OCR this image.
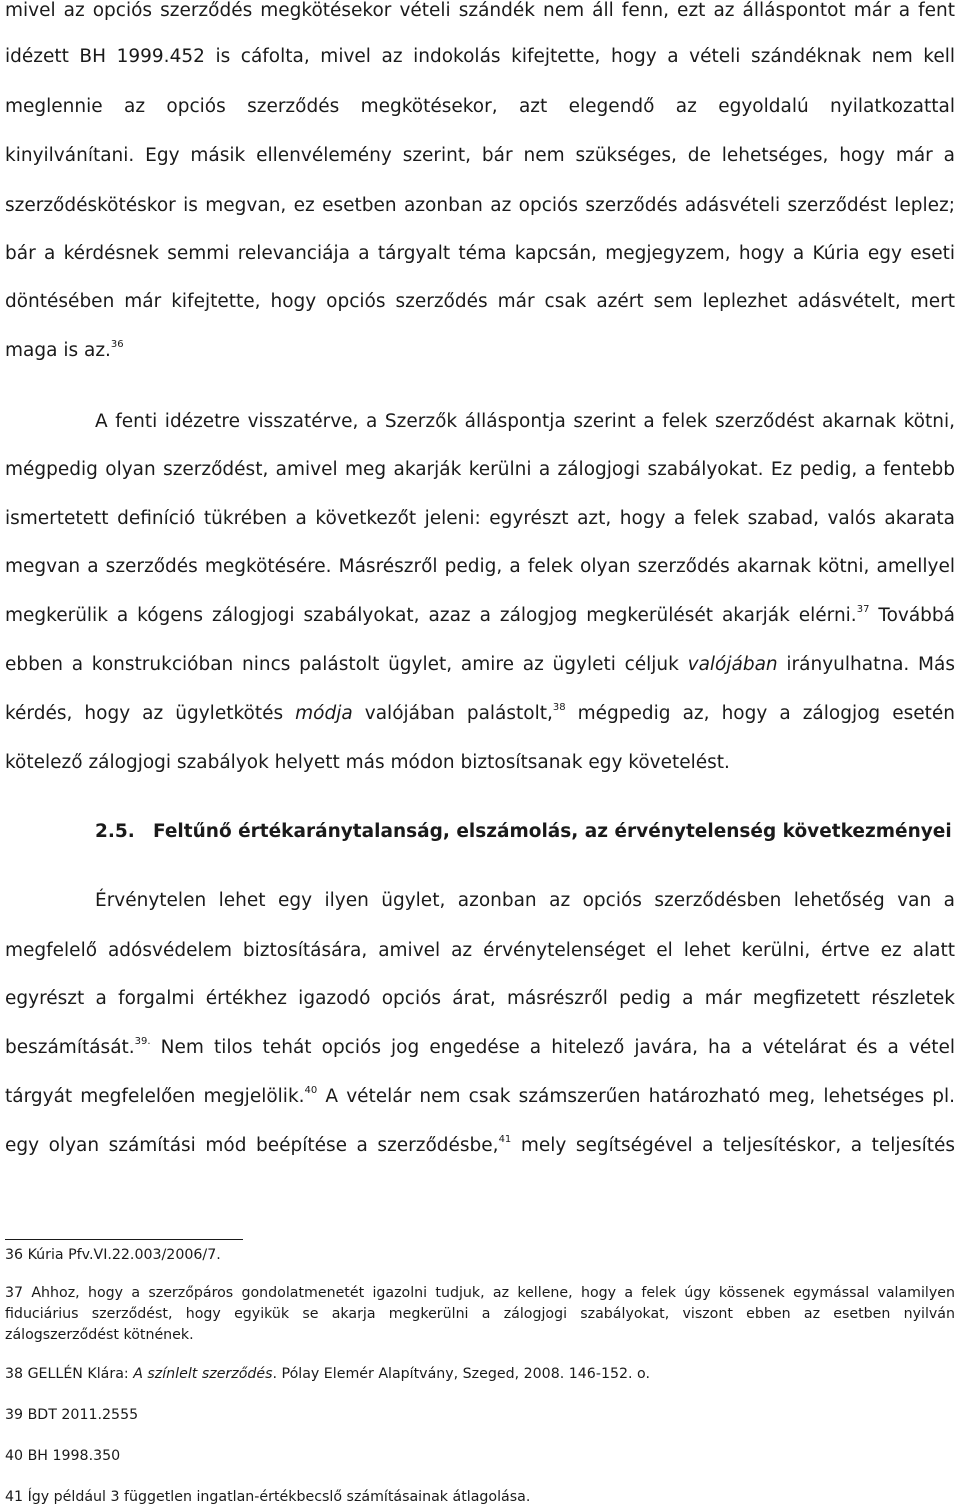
mivel az opciós szerződés megkötésekor vételi szándék nem áll fenn, ezt az álláspontot már a fent
idézett BH 1999.452 is cáfolta, mivel az indokolás kifejtette, hogy a vételi szándéknak nem kell
meglennie az opciós szerződés megkötésekor, azt elegendő az egyoldalú nyilatkozattal
kinyilvánítani. Egy másik ellenvélemény szerint, bár nem szükséges, de lehetséges, hogy már a
szerződéskötéskor is megvan, ez esetben azonban az opciós szerződés adásvételi szerződést leplez;
bár a kérdésnek semmi relevanciája a tárgyalt téma kapcsán, megjegyzem, hogy a Kúria egy eseti
döntésében már kifejtette, hogy opciós szerződés már csak azért sem leplezhet adásvételt, mert
maga is az.$^{36}$
A fenti idézetre visszatérve, a Szerzők álláspontja szerint a felek szerződést akarnak kötni,
mégpedig olyan szerződést, amivel meg akarják kerülni a zálogjogi szabályokat. Ez pedig, a fentebb
ismertetett definíció tükrében a következőt jeleni: egyrészt azt, hogy a felek szabad, valós akarata
megvan a szerződés megkötésére. Másrészről pedig, a felek olyan szerződés akarnak kötni, amellyel
megkerülik a kógens zálogjogi szabályokat, azaz a zálogjog megkerülését akarják elérni.$^{37}$ Továbbá
ebben a konstrukcióban nincs palástolt ügylet, amire az ügyleti céljuk valójában irányulhatna. Más
kérdés, hogy az ügyletkötés módja valójában palástolt,$^{38}$ mégpedig az, hogy a zálogjog esetén
kötelező zálogjogi szabályok helyett más módon biztosítsanak egy követelést.
2.5. Feltűnő értékaránytalanság, elszámolás, az érvénytelenség következményei
Érvénytelen lehet egy ilyen ügylet, azonban az opciós szerződésben lehetőség van a
megfelelő adósvédelem biztosítására, amivel az érvénytelenséget el lehet kerülni, értve ez alatt
egyrészt a forgalmi értékhez igazodó opciós árat, másrészről pedig a már megfizetett részletek
beszámítását.$^{39.}$ Nem tilos tehát opciós jog engedése a hitelező javára, ha a vételárat és a vétel
tárgyát megfelelően megjelölik.$^{40}$ A vételár nem csak számszerűen határozható meg, lehetséges pl.
egy olyan számítási mód beépítése a szerződésbe,$^{41}$ mely segítségével a teljesítéskor, a teljesítés
36 Kúria Pfv.VI.22.003/2006/7.
37 Ahhoz, hogy a szerzőpáros gondolatmenetét igazolni tudjuk, az kellene, hogy a felek úgy kössenek egymással valamilyen
fiduciárius szerződést, hogy egyikük se akarja megkerülni a zálogjogi szabályokat, viszont ebben az esetben nyilván
zálogszerződést kötnének.
38 GELLÉN Klára: A színlelt szerződés. Pólay Elemér Alapítvány, Szeged, 2008. 146-152. o.
39 BDT 2011.2555
40 BH 1998.350
41 Így például 3 független ingatlan-értékbecslő számításainak átlagolása.
